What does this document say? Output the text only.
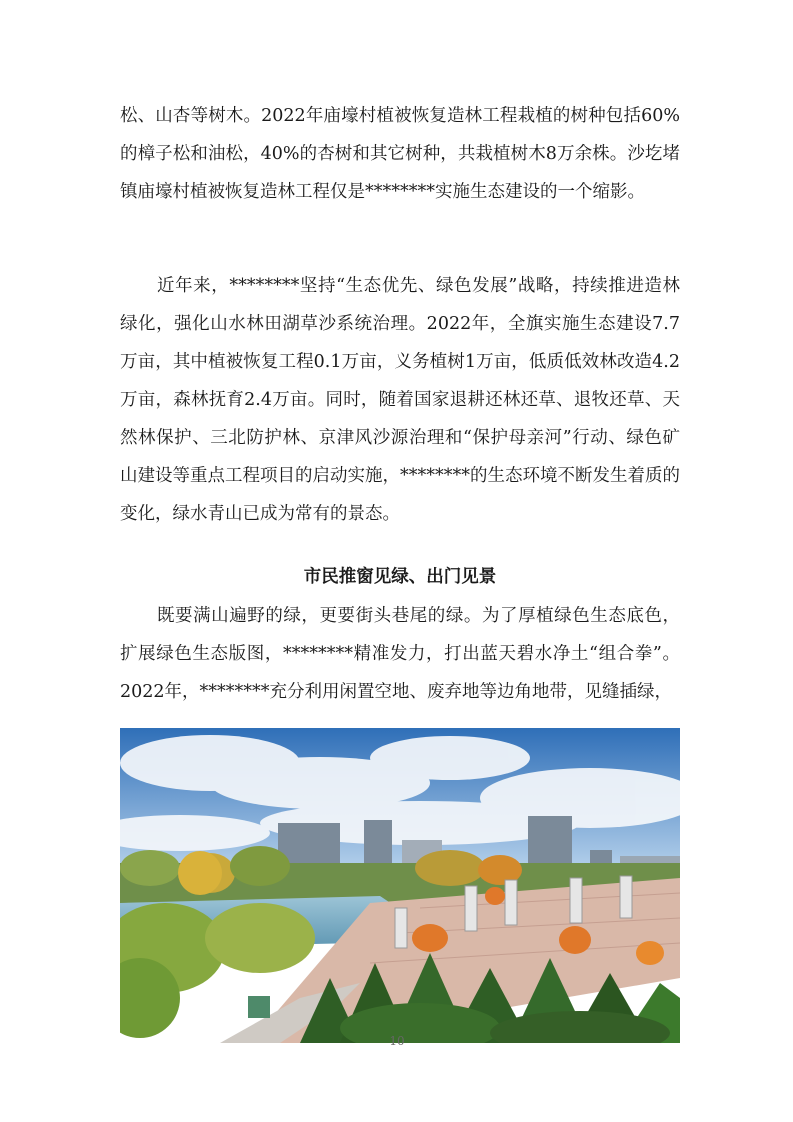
松、山杏等树木。2022年庙壕村植被恢复造林工程栽植的树种包括60%的樟子松和油松，40%的杏树和其它树种，共栽植树木8万余株。沙圪堵镇庙壕村植被恢复造林工程仅是********实施生态建设的一个缩影。

近年来，********坚持“生态优先、绿色发展”战略，持续推进造林绿化，强化山水林田湖草沙系统治理。2022年，全旗实施生态建设7.7万亩，其中植被恢复工程0.1万亩，义务植树1万亩，低质低效林改造4.2万亩，森林抚育2.4万亩。同时，随着国家退耕还林还草、退牧还草、天然林保护、三北防护林、京津风沙源治理和“保护母亲河”行动、绿色矿山建设等重点工程项目的启动实施，********的生态环境不断发生着质的变化，绿水青山已成为常有的景态。

市民推窗见绿、出门见景

既要满山遍野的绿，更要街头巷尾的绿。为了厚植绿色生态底色，扩展绿色生态版图，********精准发力，打出蓝天碧水净土“组合拳”。2022年，********充分利用闲置空地、废弃地等边角地带，见缝插绿，

10
